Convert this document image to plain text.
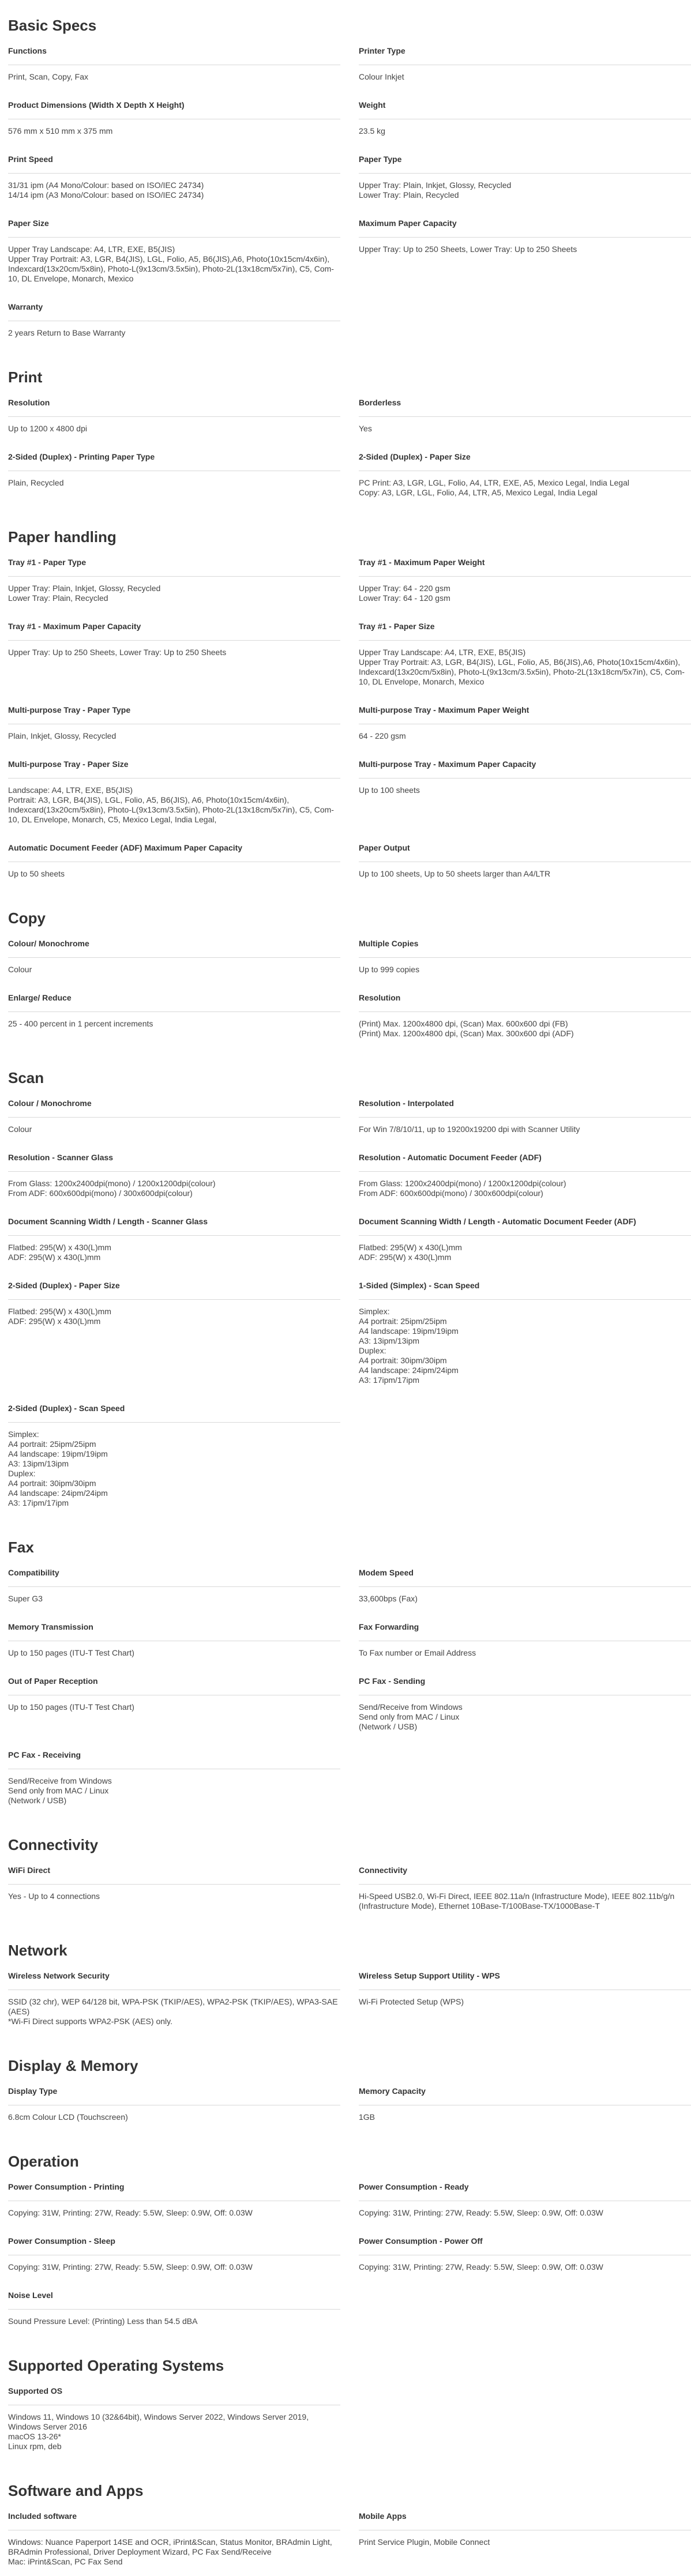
Basic Specs
Functions
Print, Scan, Copy, Fax
Printer Type
Colour Inkjet
Product Dimensions (Width X Depth X Height)
576 mm x 510 mm x 375 mm
Weight
23.5 kg
Print Speed
31/31 ipm (A4 Mono/Colour: based on ISO/IEC 24734)
14/14 ipm (A3 Mono/Colour: based on ISO/IEC 24734)
Paper Type
Upper Tray: Plain, Inkjet, Glossy, Recycled
Lower Tray: Plain, Recycled
Paper Size
Upper Tray Landscape: A4, LTR, EXE, B5(JIS)
Upper Tray Portrait: A3, LGR, B4(JIS), LGL, Folio, A5, B6(JIS),A6, Photo(10x15cm/4x6in), Indexcard(13x20cm/5x8in), Photo-L(9x13cm/3.5x5in), Photo-2L(13x18cm/5x7in), C5, Com-10, DL Envelope, Monarch, Mexico
Maximum Paper Capacity
Upper Tray: Up to 250 Sheets, Lower Tray: Up to 250 Sheets
Warranty
2 years Return to Base Warranty
Print
Resolution
Up to 1200 x 4800 dpi
Borderless
Yes
2-Sided (Duplex) - Printing Paper Type
Plain, Recycled
2-Sided (Duplex) - Paper Size
PC Print: A3, LGR, LGL, Folio, A4, LTR, EXE, A5, Mexico Legal, India Legal
Copy: A3, LGR, LGL, Folio, A4, LTR, A5, Mexico Legal, India Legal
Paper handling
Tray #1 - Paper Type
Upper Tray: Plain, Inkjet, Glossy, Recycled
Lower Tray: Plain, Recycled
Tray #1 - Maximum Paper Weight
Upper Tray: 64 - 220 gsm
Lower Tray: 64 - 120 gsm
Tray #1 - Maximum Paper Capacity
Upper Tray: Up to 250 Sheets, Lower Tray: Up to 250 Sheets
Tray #1 - Paper Size
Upper Tray Landscape: A4, LTR, EXE, B5(JIS)
Upper Tray Portrait: A3, LGR, B4(JIS), LGL, Folio, A5, B6(JIS),A6, Photo(10x15cm/4x6in), Indexcard(13x20cm/5x8in), Photo-L(9x13cm/3.5x5in), Photo-2L(13x18cm/5x7in), C5, Com-10, DL Envelope, Monarch, Mexico
Multi-purpose Tray - Paper Type
Plain, Inkjet, Glossy, Recycled
Multi-purpose Tray - Maximum Paper Weight
64 - 220 gsm
Multi-purpose Tray - Paper Size
Landscape: A4, LTR, EXE, B5(JIS)
Portrait: A3, LGR, B4(JIS), LGL, Folio, A5, B6(JIS), A6, Photo(10x15cm/4x6in), Indexcard(13x20cm/5x8in), Photo-L(9x13cm/3.5x5in), Photo-2L(13x18cm/5x7in), C5, Com-10, DL Envelope, Monarch, C5, Mexico Legal, India Legal,
Multi-purpose Tray - Maximum Paper Capacity
Up to 100 sheets
Automatic Document Feeder (ADF) Maximum Paper Capacity
Up to 50 sheets
Paper Output
Up to 100 sheets, Up to 50 sheets larger than A4/LTR
Copy
Colour/ Monochrome
Colour
Multiple Copies
Up to 999 copies
Enlarge/ Reduce
25 - 400 percent in 1 percent increments
Resolution
(Print) Max. 1200x4800 dpi, (Scan) Max. 600x600 dpi (FB)
(Print) Max. 1200x4800 dpi, (Scan) Max. 300x600 dpi (ADF)
Scan
Colour / Monochrome
Colour
Resolution - Interpolated
For Win 7/8/10/11, up to 19200x19200 dpi with Scanner Utility
Resolution - Scanner Glass
From Glass: 1200x2400dpi(mono) / 1200x1200dpi(colour)
From ADF: 600x600dpi(mono) / 300x600dpi(colour)
Resolution - Automatic Document Feeder (ADF)
From Glass: 1200x2400dpi(mono) / 1200x1200dpi(colour)
From ADF: 600x600dpi(mono) / 300x600dpi(colour)
Document Scanning Width / Length - Scanner Glass
Flatbed: 295(W) x 430(L)mm
ADF: 295(W) x 430(L)mm
Document Scanning Width / Length - Automatic Document Feeder (ADF)
Flatbed: 295(W) x 430(L)mm
ADF: 295(W) x 430(L)mm
2-Sided (Duplex) - Paper Size
Flatbed: 295(W) x 430(L)mm
ADF: 295(W) x 430(L)mm
1-Sided (Simplex) - Scan Speed
Simplex:
A4 portrait: 25ipm/25ipm
A4 landscape: 19ipm/19ipm
A3: 13ipm/13ipm
Duplex:
A4 portrait: 30ipm/30ipm
A4 landscape: 24ipm/24ipm
A3: 17ipm/17ipm
2-Sided (Duplex) - Scan Speed
Simplex:
A4 portrait: 25ipm/25ipm
A4 landscape: 19ipm/19ipm
A3: 13ipm/13ipm
Duplex:
A4 portrait: 30ipm/30ipm
A4 landscape: 24ipm/24ipm
A3: 17ipm/17ipm
Fax
Compatibility
Super G3
Modem Speed
33,600bps (Fax)
Memory Transmission
Up to 150 pages (ITU-T Test Chart)
Fax Forwarding
To Fax number or Email Address
Out of Paper Reception
Up to 150 pages (ITU-T Test Chart)
PC Fax - Sending
Send/Receive from Windows
Send only from MAC / Linux
(Network / USB)
PC Fax - Receiving
Send/Receive from Windows
Send only from MAC / Linux
(Network / USB)
Connectivity
WiFi Direct
Yes - Up to 4 connections
Connectivity
Hi-Speed USB2.0, Wi-Fi Direct, IEEE 802.11a/n (Infrastructure Mode), IEEE 802.11b/g/n (Infrastructure Mode), Ethernet 10Base-T/100Base-TX/1000Base-T
Network
Wireless Network Security
SSID (32 chr), WEP 64/128 bit, WPA-PSK (TKIP/AES), WPA2-PSK (TKIP/AES), WPA3-SAE (AES)
*Wi-Fi Direct supports WPA2-PSK (AES) only.
Wireless Setup Support Utility - WPS
Wi-Fi Protected Setup (WPS)
Display & Memory
Display Type
6.8cm Colour LCD (Touchscreen)
Memory Capacity
1GB
Operation
Power Consumption - Printing
Copying: 31W, Printing: 27W, Ready: 5.5W, Sleep: 0.9W, Off: 0.03W
Power Consumption - Ready
Copying: 31W, Printing: 27W, Ready: 5.5W, Sleep: 0.9W, Off: 0.03W
Power Consumption - Sleep
Copying: 31W, Printing: 27W, Ready: 5.5W, Sleep: 0.9W, Off: 0.03W
Power Consumption - Power Off
Copying: 31W, Printing: 27W, Ready: 5.5W, Sleep: 0.9W, Off: 0.03W
Noise Level
Sound Pressure Level: (Printing) Less than 54.5 dBA
Supported Operating Systems
Supported OS
Windows 11, Windows 10 (32&64bit), Windows Server 2022, Windows Server 2019, Windows Server 2016
macOS 13-26*
Linux rpm, deb
Software and Apps
Included software
Windows: Nuance Paperport 14SE and OCR, iPrint&Scan, Status Monitor, BRAdmin Light, BRAdmin Professional, Driver Deployment Wizard, PC Fax Send/Receive
Mac: iPrint&Scan, PC Fax Send
Mobile Apps
Print Service Plugin, Mobile Connect
